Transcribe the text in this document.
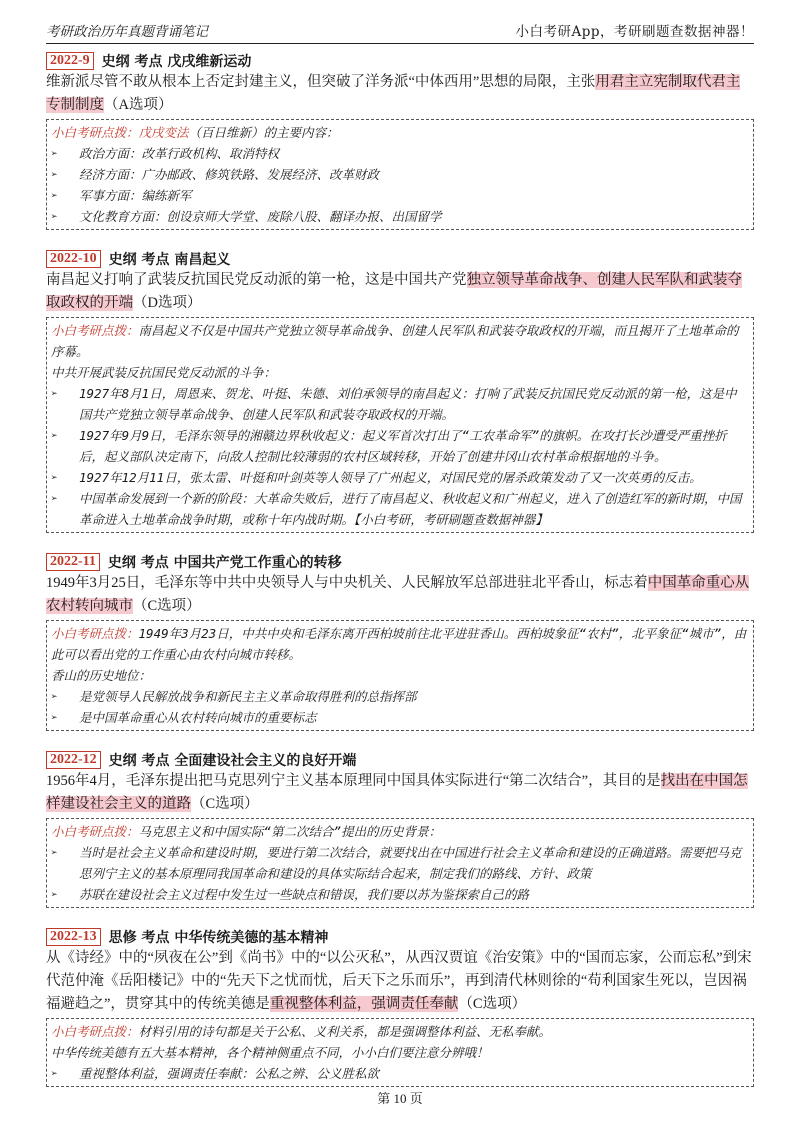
考研政治历年真题背诵笔记	小白考研App，考研刷题查数据神器！
2022-9 史纲 考点 戊戌维新运动

维新派尽管不敢从根本上否定封建主义，但突破了洋务派“中体西用”思想的局限，主张用君主立宪制取代君主专制制度（A选项）

小白考研点拨：戊戌变法（百日维新）的主要内容：
➢ 政治方面：改革行政机构、取消特权
➢ 经济方面：广办邮政、修筑铁路、发展经济、改革财政
➢ 军事方面：编练新军
➢ 文化教育方面：创设京师大学堂、废除八股、翻译办报、出国留学
2022-10 史纲 考点 南昌起义

南昌起义打响了武装反抗国民党反动派的第一枪，这是中国共产党独立领导革命战争、创建人民军队和武装夺取政权的开端（D选项）

小白考研点拨：南昌起义不仅是中国共产党独立领导革命战争、创建人民军队和武装夺取政权的开端，而且揭开了土地革命的序幕。
中共开展武装反抗国民党反动派的斗争：
➢ 1927年8月1日，周恩来、贺龙、叶挺、朱德、刘伯承领导的南昌起义：打响了武装反抗国民党反动派的第一枪，这是中国共产党独立领导革命战争、创建人民军队和武装夺取政权的开端。
➢ 1927年9月9日，毛泽东领导的湘赣边界秋收起义：起义军首次打出了“工农革命军”的旗帜。在攻打长沙遭受严重挫折后，起义部队决定南下，向敌人控制比较薄弱的农村区域转移，开始了创建井冈山农村革命根据地的斗争。
➢ 1927年12月11日，张太雷、叶挺和叶剑英等人领导了广州起义，对国民党的屠杀政策发动了又一次英勇的反击。
➢ 中国革命发展到一个新的阶段：大革命失败后，进行了南昌起义、秋收起义和广州起义，进入了创造红军的新时期，中国革命进入土地革命战争时期，或称十年内战时期。【小白考研，考研刷题查数据神器】
2022-11 史纲 考点 中国共产党工作重心的转移

1949年3月25日，毛泽东等中共中央领导人与中央机关、人民解放军总部进驻北平香山，标志着中国革命重心从农村转向城市（C选项）

小白考研点拨：1949年3月23日，中共中央和毛泽东离开西柏坡前往北平进驻香山。西柏坡象征“农村”，北平象征“城市”，由此可以看出党的工作重心由农村向城市转移。
香山的历史地位：
➢ 是党领导人民解放战争和新民主主义革命取得胜利的总指挥部
➢ 是中国革命重心从农村转向城市的重要标志
2022-12 史纲 考点 全面建设社会主义的良好开端

1956年4月，毛泽东提出把马克思列宁主义基本原理同中国具体实际进行“第二次结合”，其目的是找出在中国怎样建设社会主义的道路（C选项）

小白考研点拨：马克思主义和中国实际“第二次结合”提出的历史背景：
➢ 当时是社会主义革命和建设时期，要进行第二次结合，就要找出在中国进行社会主义革命和建设的正确道路。需要把马克思列宁主义的基本原理同我国革命和建设的具体实际结合起来，制定我们的路线、方针、政策
➢ 苏联在建设社会主义过程中发生过一些缺点和错误，我们要以苏为鉴探索自己的路
2022-13 思修 考点 中华传统美德的基本精神

从《诗经》中的“夙夜在公”到《尚书》中的“以公灭私”，从西汉贾谊《治安策》中的“国而忘家，公而忘私”到宋代范仲淹《岳阳楼记》中的“先天下之忧而忧，后天下之乐而乐”，再到清代林则徐的“苟利国家生死以，岂因祸福避趋之”，贯穿其中的传统美德是重视整体利益，强调责任奉献（C选项）

小白考研点拨：材料引用的诗句都是关于公私、义利关系，都是强调整体利益、无私奉献。
中华传统美德有五大基本精神，各个精神侧重点不同，小小白们要注意分辨哦！
➢ 重视整体利益，强调责任奉献：公私之辨、公义胜私欲
第 10 页
